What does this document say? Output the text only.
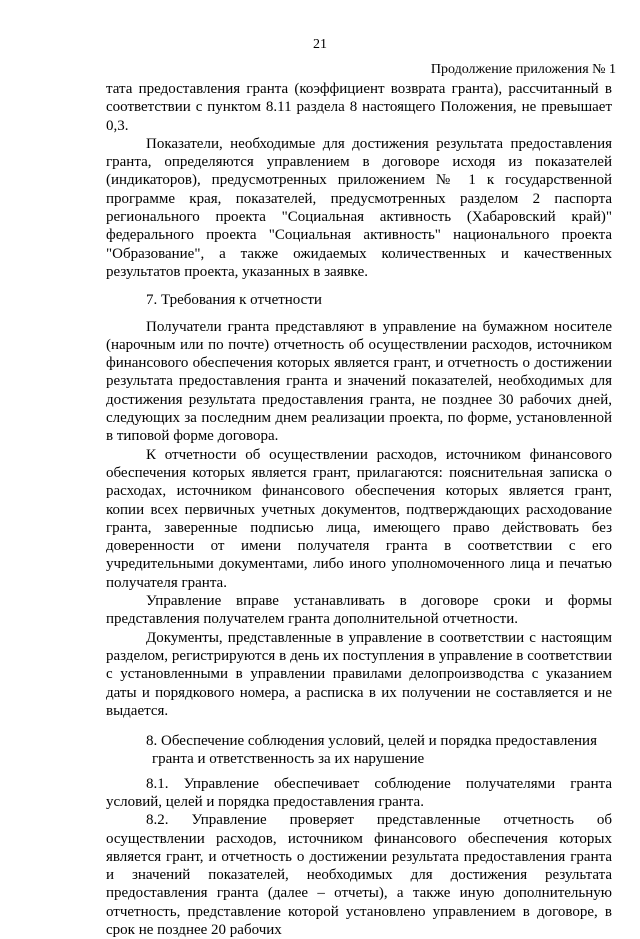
21
Продолжение приложения № 1

тата предоставления гранта (коэффициент возврата гранта), рассчитанный в соответствии с пунктом 8.11 раздела 8 настоящего Положения, не превышает 0,3.

Показатели, необходимые для достижения результата предоставления гранта, определяются управлением в договоре исходя из показателей (индикаторов), предусмотренных приложением № 1 к государственной программе края, показателей, предусмотренных разделом 2 паспорта регионального проекта "Социальная активность (Хабаровский край)" федерального проекта "Социальная активность" национального проекта "Образование", а также ожидаемых количественных и качественных результатов проекта, указанных в заявке.

7. Требования к отчетности

Получатели гранта представляют в управление на бумажном носителе (нарочным или по почте) отчетность об осуществлении расходов, источником финансового обеспечения которых является грант, и отчетность о достижении результата предоставления гранта и значений показателей, необходимых для достижения результата предоставления гранта, не позднее 30 рабочих дней, следующих за последним днем реализации проекта, по форме, установленной в типовой форме договора.

К отчетности об осуществлении расходов, источником финансового обеспечения которых является грант, прилагаются: пояснительная записка о расходах, источником финансового обеспечения которых является грант, копии всех первичных учетных документов, подтверждающих расходование гранта, заверенные подписью лица, имеющего право действовать без доверенности от имени получателя гранта в соответствии с его учредительными документами, либо иного уполномоченного лица и печатью получателя гранта.

Управление вправе устанавливать в договоре сроки и формы представления получателем гранта дополнительной отчетности.

Документы, представленные в управление в соответствии с настоящим разделом, регистрируются в день их поступления в управление в соответствии с установленными в управлении правилами делопроизводства с указанием даты и порядкового номера, а расписка в их получении не составляется и не выдается.

8. Обеспечение соблюдения условий, целей и порядка предоставления
гранта и ответственность за их нарушение

8.1. Управление обеспечивает соблюдение получателями гранта условий, целей и порядка предоставления гранта.

8.2. Управление проверяет представленные отчетность об осуществлении расходов, источником финансового обеспечения которых является грант, и отчетность о достижении результата предоставления гранта и значений показателей, необходимых для достижения результата предоставления гранта (далее – отчеты), а также иную дополнительную отчетность, представление которой установлено управлением в договоре, в срок не позднее 20 рабочих
